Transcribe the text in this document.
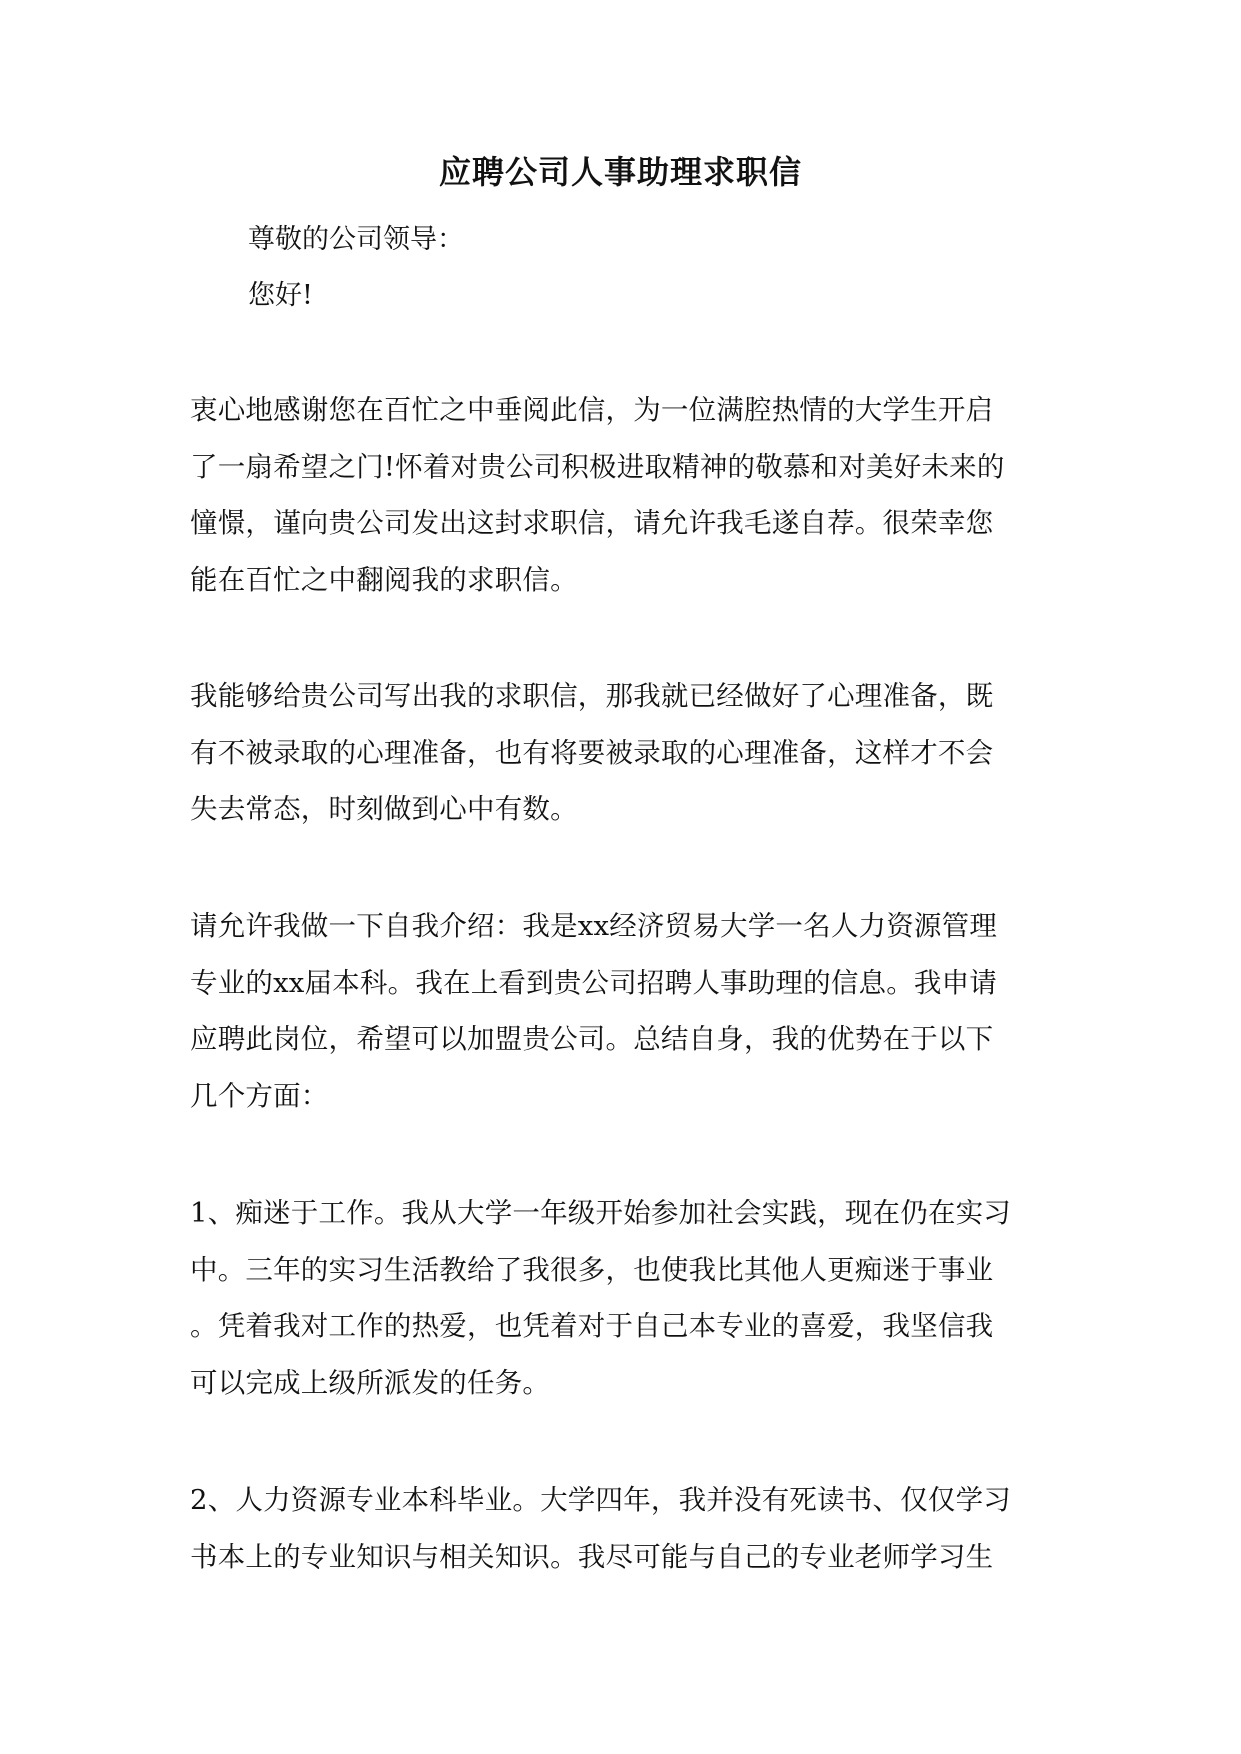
应聘公司人事助理求职信
尊敬的公司领导：
您好!

衷心地感谢您在百忙之中垂阅此信，为一位满腔热情的大学生开启
了一扇希望之门!怀着对贵公司积极进取精神的敬慕和对美好未来的
憧憬，谨向贵公司发出这封求职信，请允许我毛遂自荐。很荣幸您
能在百忙之中翻阅我的求职信。

我能够给贵公司写出我的求职信，那我就已经做好了心理准备，既
有不被录取的心理准备，也有将要被录取的心理准备，这样才不会
失去常态，时刻做到心中有数。

请允许我做一下自我介绍：我是xx经济贸易大学一名人力资源管理
专业的xx届本科。我在上看到贵公司招聘人事助理的信息。我申请
应聘此岗位，希望可以加盟贵公司。总结自身，我的优势在于以下
几个方面：

1、痴迷于工作。我从大学一年级开始参加社会实践，现在仍在实习
中。三年的实习生活教给了我很多，也使我比其他人更痴迷于事业
。凭着我对工作的热爱，也凭着对于自己本专业的喜爱，我坚信我
可以完成上级所派发的任务。

2、人力资源专业本科毕业。大学四年，我并没有死读书、仅仅学习
书本上的专业知识与相关知识。我尽可能与自己的专业老师学习生
